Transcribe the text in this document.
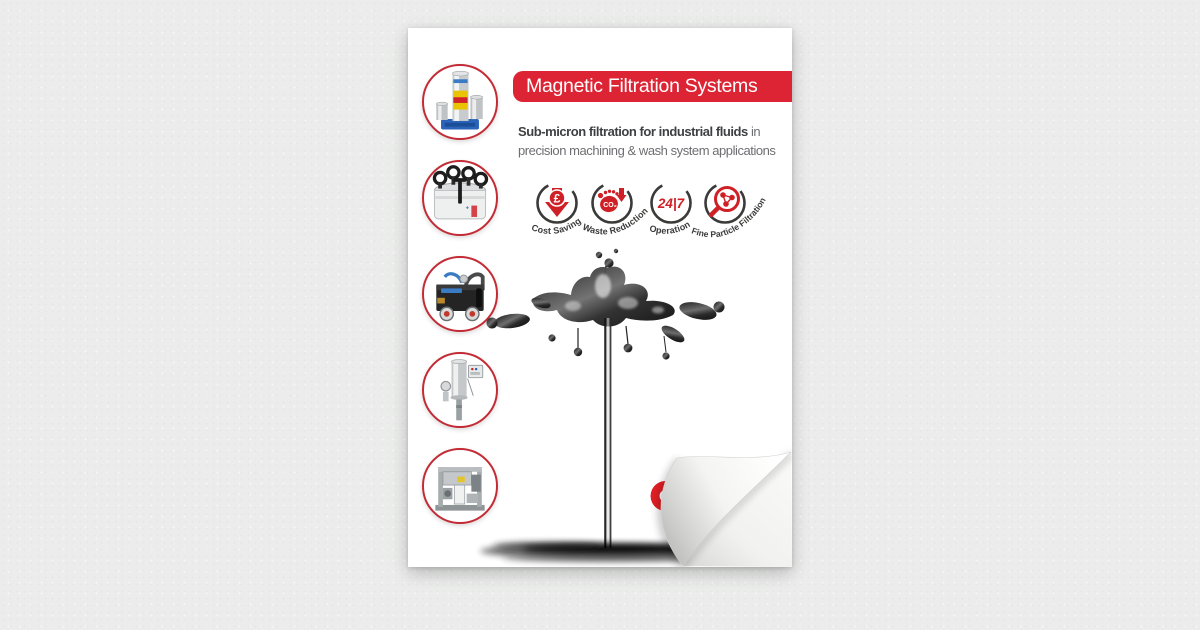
Magnetic Filtration Systems

Sub-micron filtration for industrial fluids in

precision machining & wash system applications

+
£
Cost Saving
CO₂
Waste Reduction
24|7
Operation
Fine Particle Filtration
